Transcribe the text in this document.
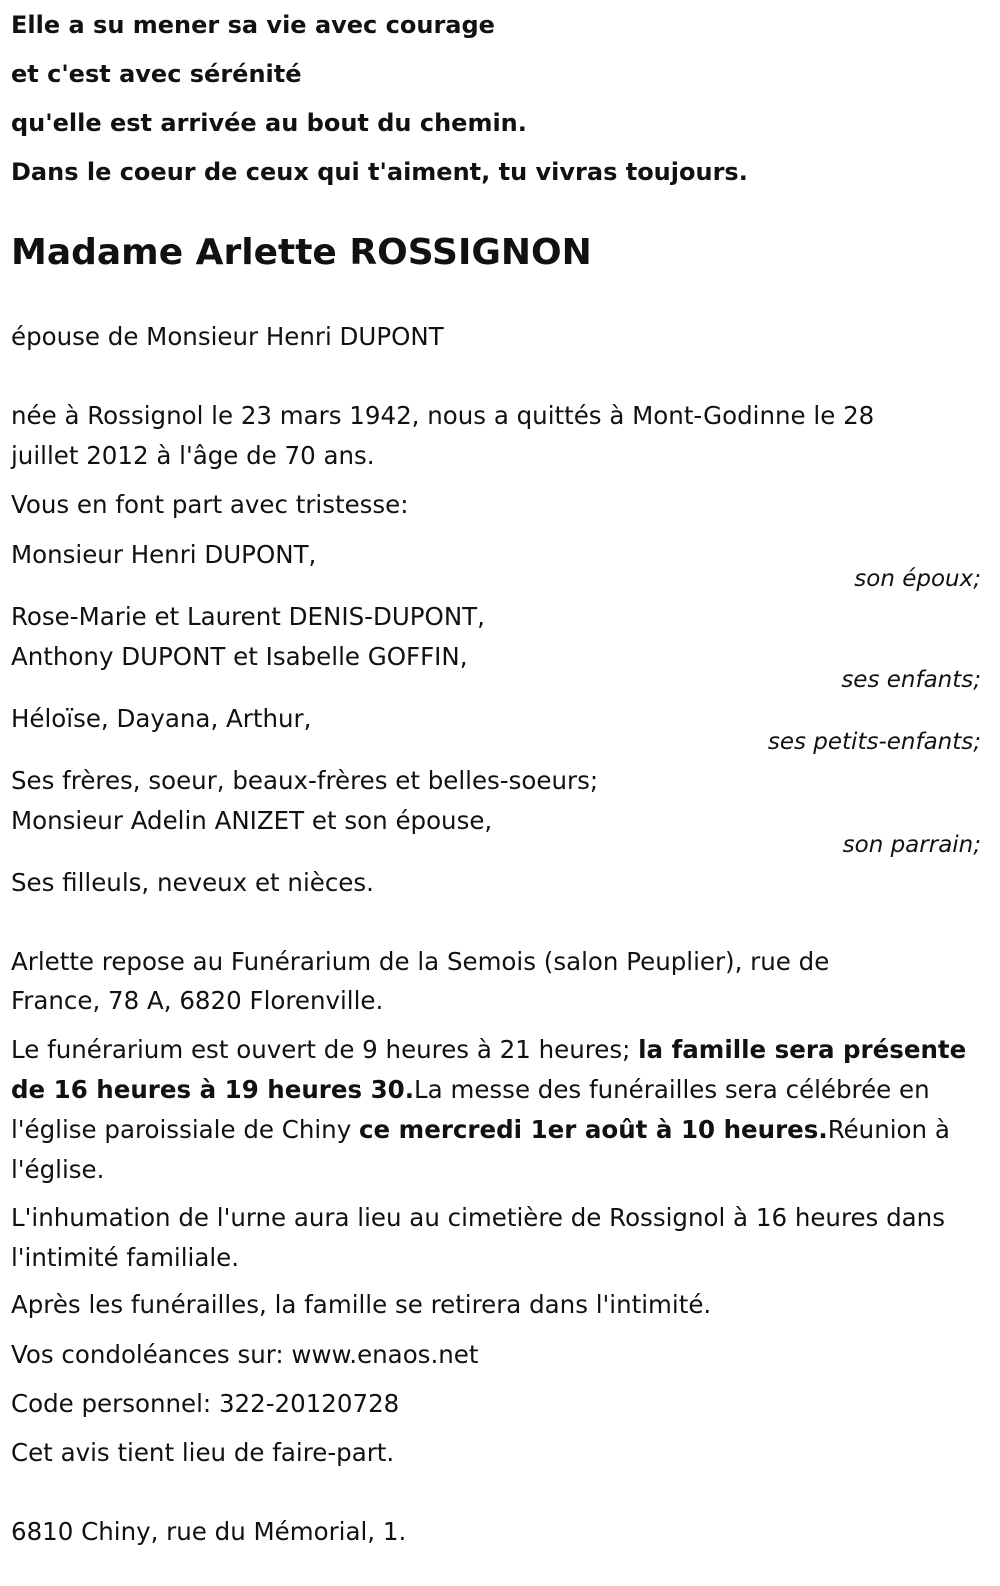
Elle a su mener sa vie avec courage
et c'est avec sérénité
qu'elle est arrivée au bout du chemin.
Dans le coeur de ceux qui t'aiment, tu vivras toujours.
Madame Arlette ROSSIGNON
épouse de Monsieur Henri DUPONT
née à Rossignol le 23 mars 1942, nous a quittés à Mont-Godinne le 28
juillet 2012 à l'âge de 70 ans.
Vous en font part avec tristesse:
Monsieur Henri DUPONT,
son époux;
Rose-Marie et Laurent DENIS-DUPONT,
Anthony DUPONT et Isabelle GOFFIN,
ses enfants;
Héloïse, Dayana, Arthur,
ses petits-enfants;
Ses frères, soeur, beaux-frères et belles-soeurs;
Monsieur Adelin ANIZET et son épouse,
son parrain;
Ses filleuls, neveux et nièces.
Arlette repose au Funérarium de la Semois (salon Peuplier), rue de
France, 78 A, 6820 Florenville.
Le funérarium est ouvert de 9 heures à 21 heures; la famille sera présente de 16 heures à 19 heures 30.La messe des funérailles sera célébrée en l'église paroissiale de Chiny ce mercredi 1er août à 10 heures.Réunion à l'église.
L'inhumation de l'urne aura lieu au cimetière de Rossignol à 16 heures dans l'intimité familiale.
Après les funérailles, la famille se retirera dans l'intimité.
Vos condoléances sur: www.enaos.net
Code personnel: 322-20120728
Cet avis tient lieu de faire-part.
6810 Chiny, rue du Mémorial, 1.
